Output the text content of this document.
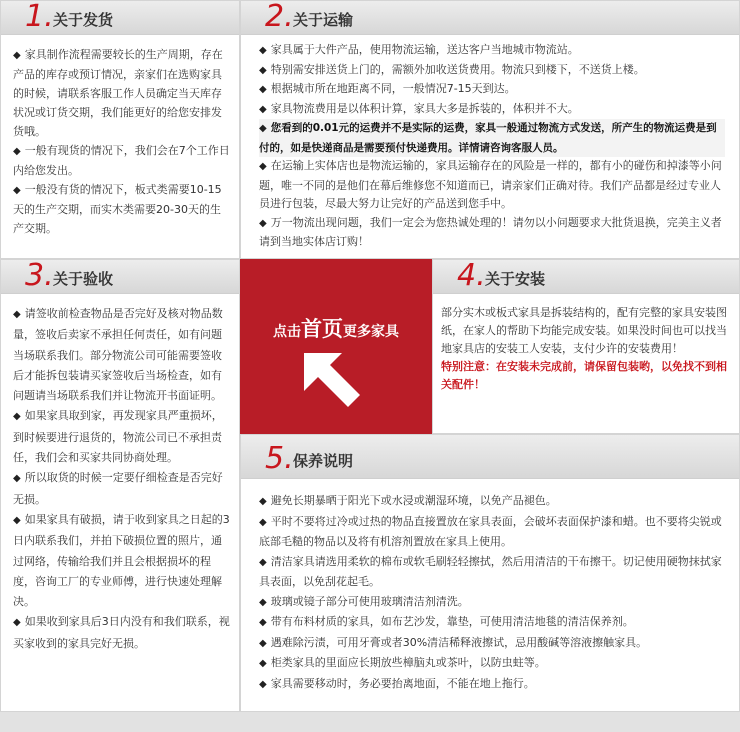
1. 关于发货

◆ 家具制作流程需要较长的生产周期，存在产品的库存或预订情况，亲家们在选购家具的时候，请联系客服工作人员确定当天库存状况或订货交期，我们能更好的给您安排发货哦。

◆ 一般有现货的情况下，我们会在7个工作日内给您发出。

◆ 一般没有货的情况下，板式类需要10-15天的生产交期，而实木类需要20-30天的生产交期。

2. 关于运输

◆ 家具属于大件产品，使用物流运输，送达客户当地城市物流站。

◆ 特别需安排送货上门的，需额外加收送货费用。物流只到楼下，不送货上楼。

◆ 根据城市所在地距离不同，一般情况7-15天到达。

◆ 家具物流费用是以体积计算，家具大多是拆装的，体积并不大。

◆ 您看到的0.01元的运费并不是实际的运费，家具一般通过物流方式发送，所产生的物流运费是到付的，如是快递商品是需要预付快递费用。详情请咨询客服人员。

◆ 在运输上实体店也是物流运输的，家具运输存在的风险是一样的，都有小的碰伤和掉漆等小问题，唯一不同的是他们在幕后维修您不知道而已，请亲家们正确对待。我们产品都是经过专业人员进行包装，尽最大努力让完好的产品送到您手中。

◆ 万一物流出现问题，我们一定会为您热诚处理的！请勿以小问题要求大批货退换，完美主义者请到当地实体店订购！

3. 关于验收

◆ 请签收前检查物品是否完好及核对物品数量，签收后卖家不承担任何责任，如有问题当场联系我们。部分物流公司可能需要签收后才能拆包装请买家签收后当场检查，如有问题请当场联系我们并让物流开书面证明。

◆ 如果家具取到家，再发现家具严重损坏，到时候要进行退货的，物流公司已不承担责任，我们会和买家共同协商处理。

◆ 所以取货的时候一定要仔细检查是否完好无损。

◆ 如果家具有破损，请于收到家具之日起的3日内联系我们，并拍下破损位置的照片，通过网络，传输给我们并且会根据损坏的程度，咨询工厂的专业师傅，进行快速处理解决。

◆ 如果收到家具后3日内没有和我们联系，视买家收到的家具完好无损。

点击首页更多家具
4. 关于安装

部分实木或板式家具是拆装结构的，配有完整的家具安装图纸，在家人的帮助下均能完成安装。如果没时间也可以找当地家具店的安装工人安装，支付少许的安装费用！

特别注意：在安装未完成前，请保留包装哟，以免找不到相关配件！

5. 保养说明

◆ 避免长期暴晒于阳光下或水浸或潮湿环境，以免产品褪色。

◆ 平时不要将过冷或过热的物品直接置放在家具表面，会破坏表面保护漆和蜡。也不要将尖锐或底部毛糙的物品以及将有机溶剂置放在家具上使用。

◆ 清洁家具请选用柔软的棉布或软毛刷轻轻擦拭，然后用清洁的干布擦干。切记使用硬物抹拭家具表面，以免刮花起毛。

◆ 玻璃或镜子部分可使用玻璃清洁剂清洗。

◆ 带有布料材质的家具，如布艺沙发，靠垫，可使用清洁地毯的清洁保养剂。

◆ 遇难除污渍，可用牙膏或者30%清洁稀释液擦试，忌用酸碱等溶液擦触家具。

◆ 柜类家具的里面应长期放些樟脑丸或茶叶，以防虫蛀等。

◆ 家具需要移动时，务必要抬离地面，不能在地上拖行。
